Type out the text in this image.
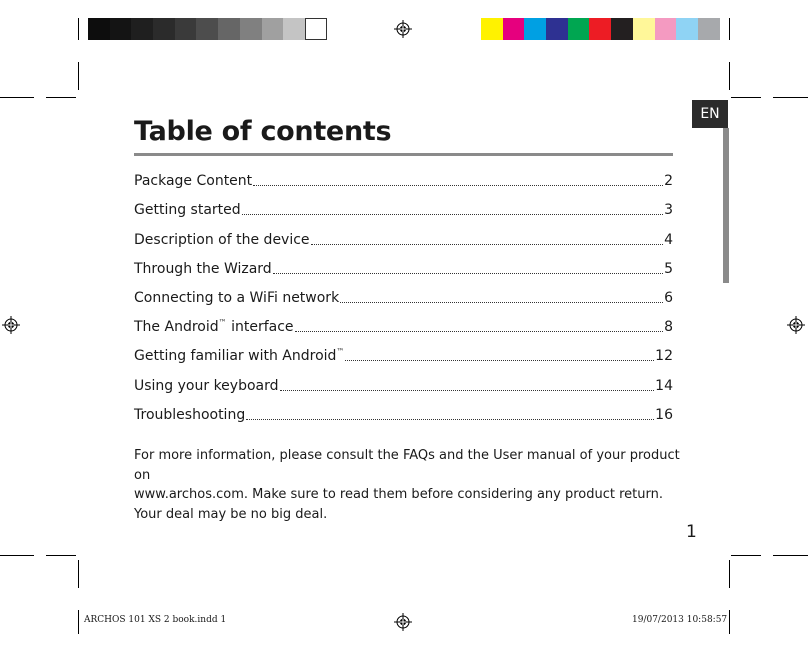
EN
Table of contents
Package Content	2
Getting started	3
Description of the device	4
Through the Wizard	5
Connecting to a WiFi network	6
The Android™ interface	8
Getting familiar with Android™	12
Using your keyboard	14
Troubleshooting	16

For more information, please consult the FAQs and the User manual of your product on

www.archos.com. Make sure to read them before considering any product return.

Your deal may be no big deal.

1
ARCHOS 101 XS 2 book.indd 1	19/07/2013 10:58:57
